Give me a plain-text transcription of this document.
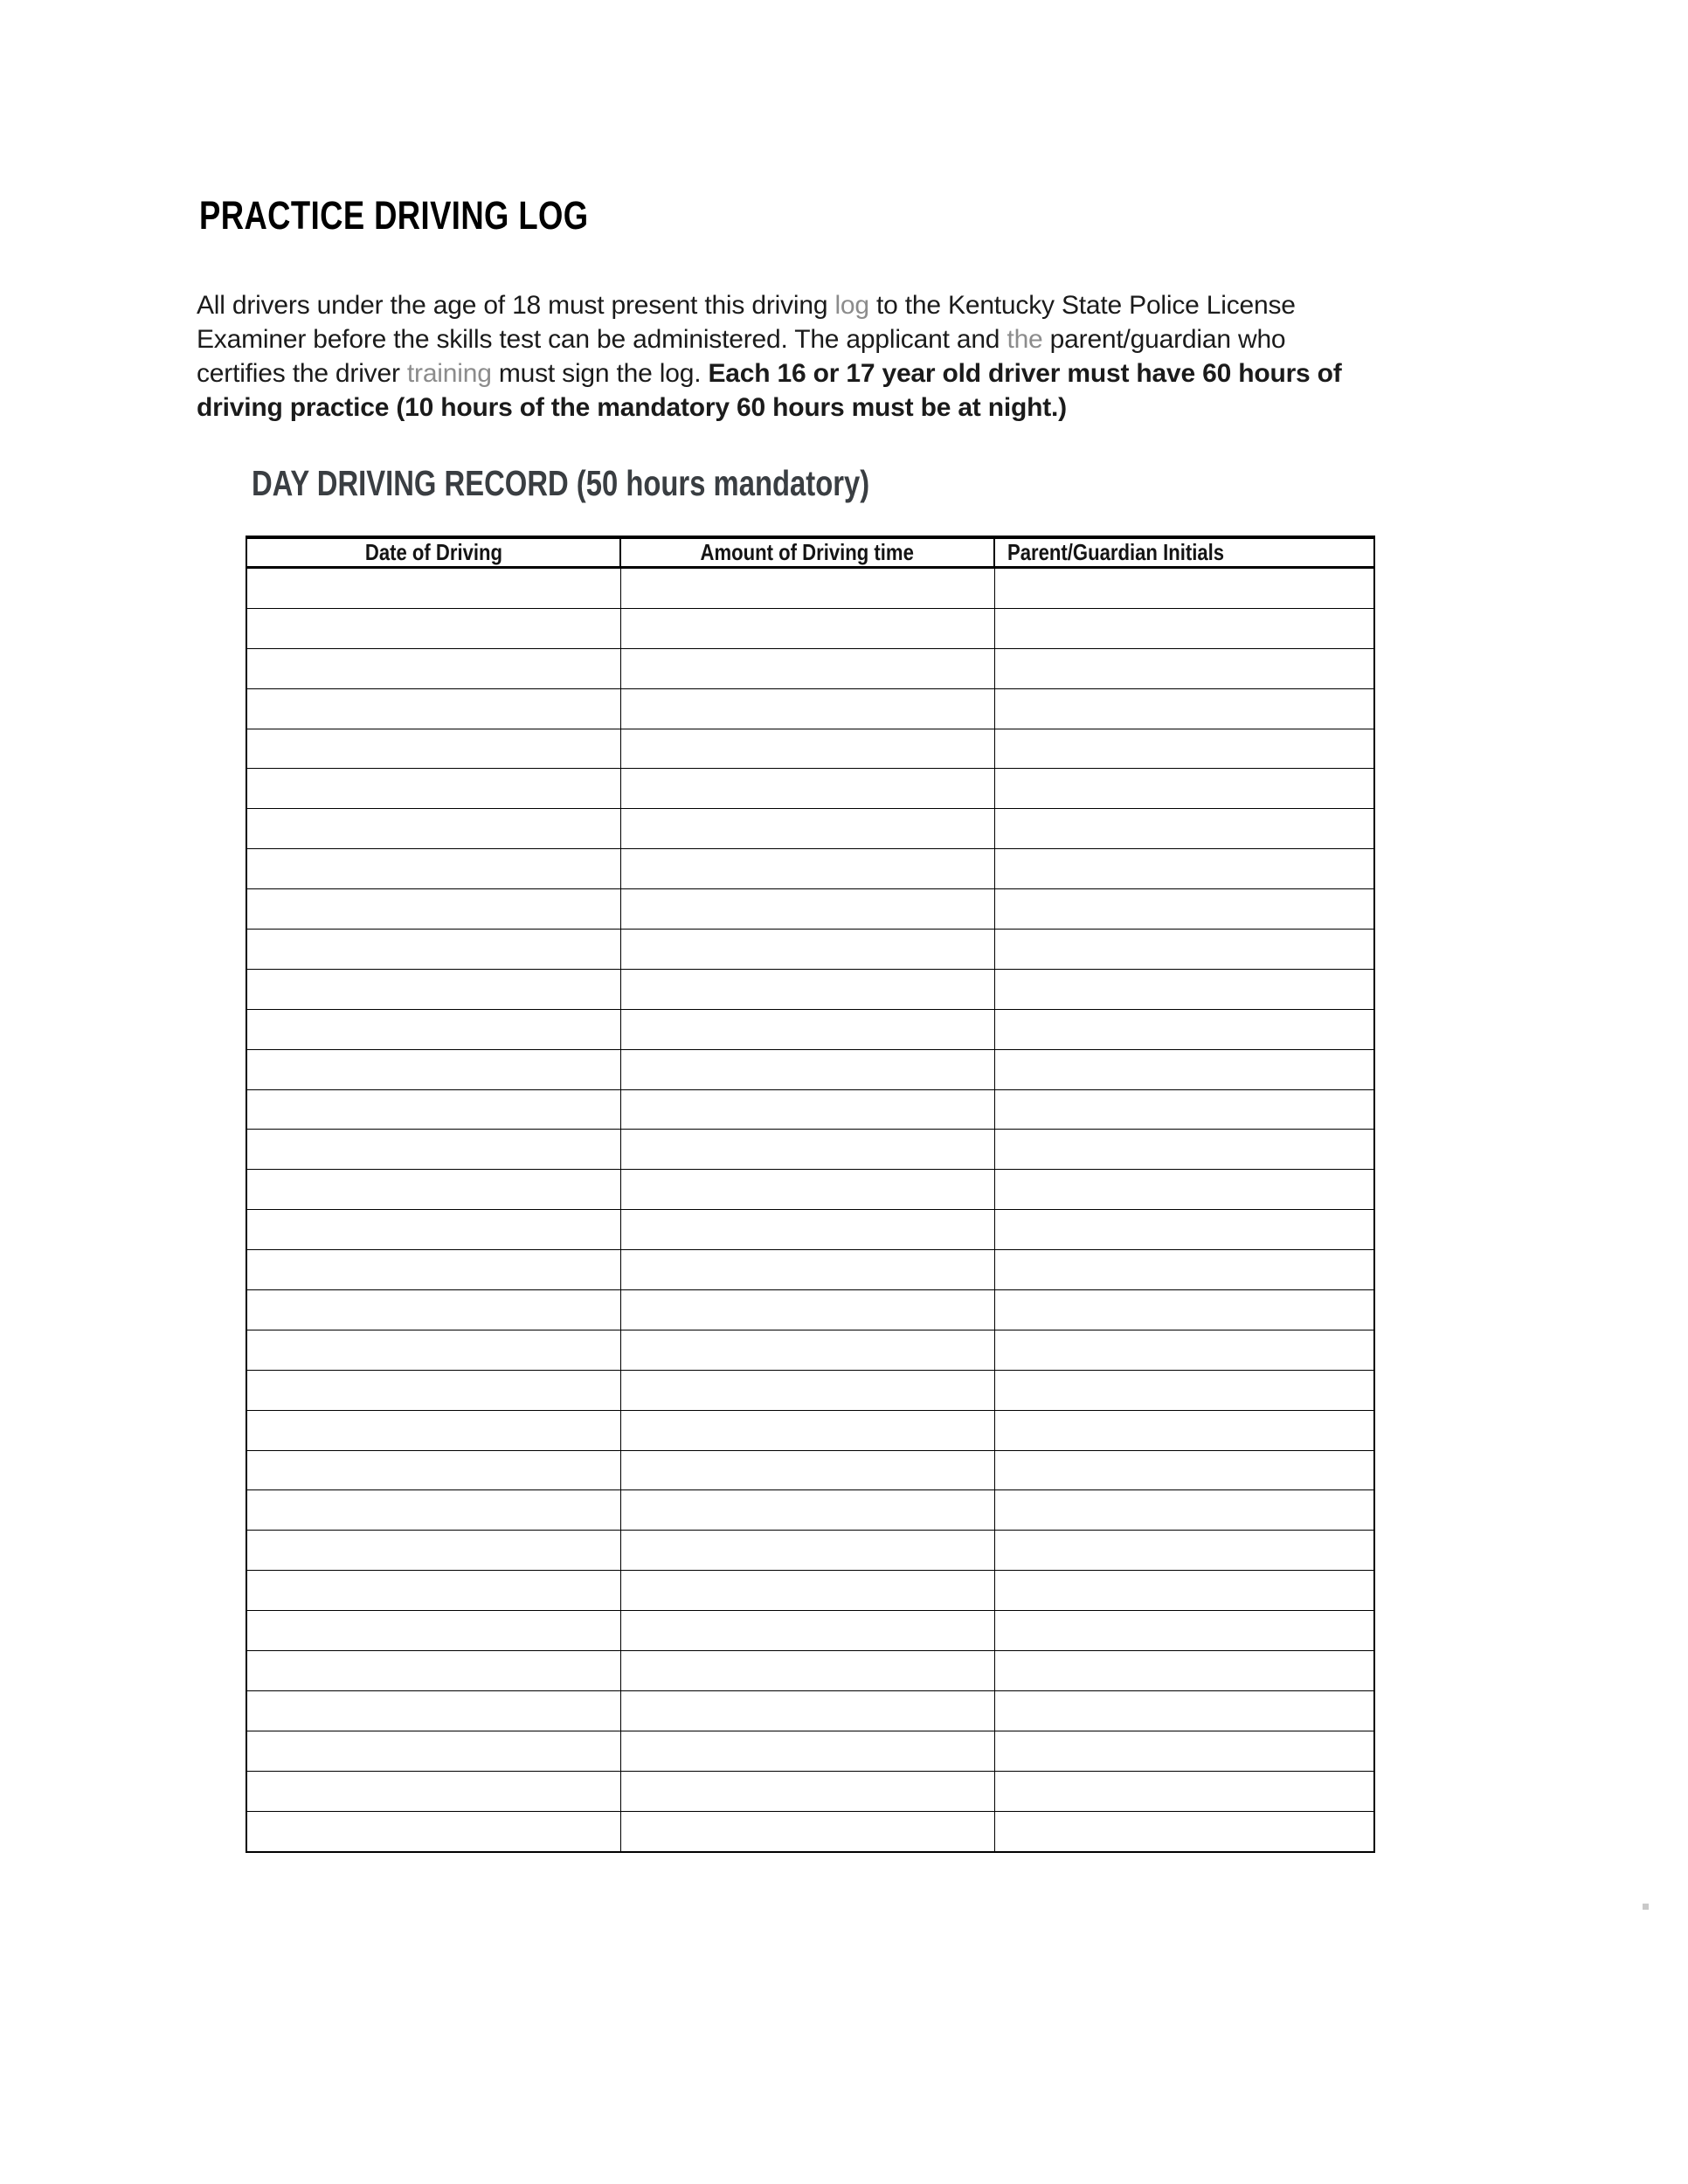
PRACTICE DRIVING LOG
All drivers under the age of 18 must present this driving log to the Kentucky State Police License
Examiner before the skills test can be administered. The applicant and the parent/guardian who
certifies the driver training must sign the log. Each 16 or 17 year old driver must have 60 hours of
driving practice (10 hours of the mandatory 60 hours must be at night.)
DAY DRIVING RECORD (50 hours mandatory)
Date of Driving	Amount of Driving time	Parent/Guardian Initials
